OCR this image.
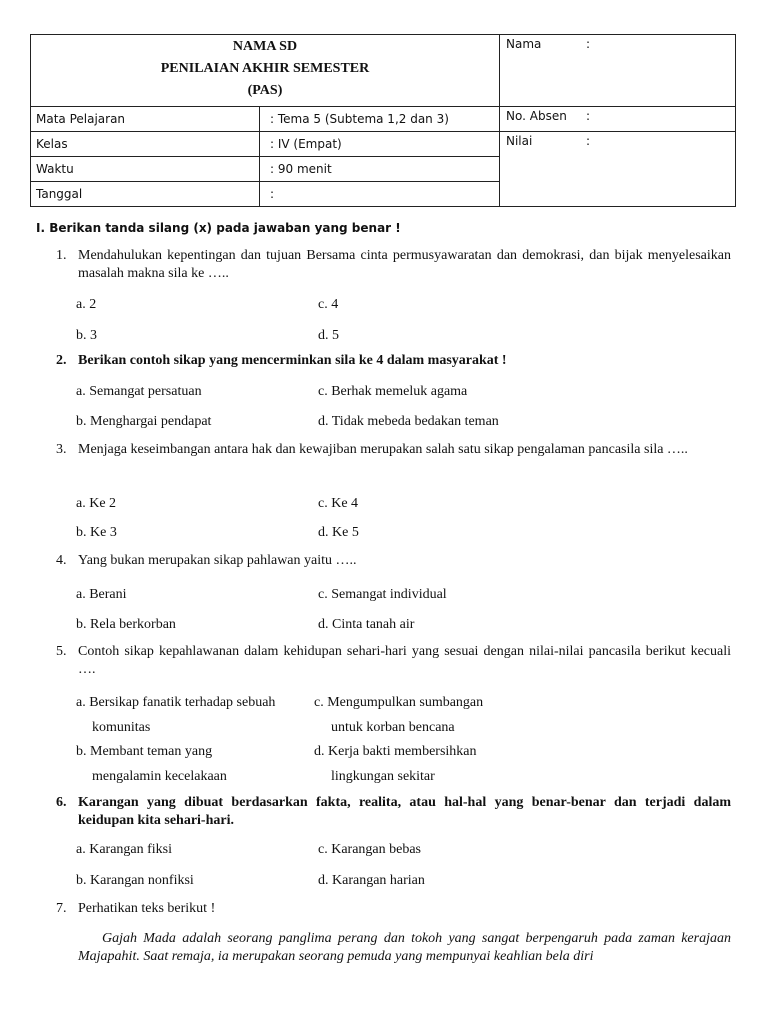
NAMA SD
PENILAIAN AKHIR SEMESTER
(PAS)		Nama :
Mata Pelajaran	: Tema 5 (Subtema 1,2 dan 3)	No. Absen :
Kelas	: IV (Empat)	Nilai :
Waktu	: 90 menit	
Tanggal	:	
I. Berikan tanda silang (x) pada jawaban yang benar !
1. Mendahulukan kepentingan dan tujuan Bersama cinta permusyawaratan dan demokrasi, dan bijak menyelesaikan masalah makna sila ke …..
a. 2
b. 3
c. 4
d. 5
2. Berikan contoh sikap yang mencerminkan sila ke 4 dalam masyarakat !
a. Semangat persatuan
b. Menghargai pendapat
c. Berhak memeluk agama
d. Tidak mebeda bedakan teman
3. Menjaga keseimbangan antara hak dan kewajiban merupakan salah satu sikap pengalaman pancasila sila …..
a. Ke 2
b. Ke 3
c. Ke 4
d. Ke 5
4. Yang bukan merupakan sikap pahlawan yaitu …..
a. Berani
b. Rela berkorban
c. Semangat individual
d. Cinta tanah air
5. Contoh sikap kepahlawanan dalam kehidupan sehari-hari yang sesuai dengan nilai-nilai pancasila berikut kecuali ….
a. Bersikap fanatik terhadap sebuah
komunitas
c. Mengumpulkan sumbangan
untuk korban bencana
b. Membant teman yang
mengalamin kecelakaan
d. Kerja bakti membersihkan
lingkungan sekitar
6. Karangan yang dibuat berdasarkan fakta, realita, atau hal-hal yang benar-benar dan terjadi dalam keidupan kita sehari-hari.
a. Karangan fiksi
b. Karangan nonfiksi
c. Karangan bebas
d. Karangan harian
7. Perhatikan teks berikut !
Gajah Mada adalah seorang panglima perang dan tokoh yang sangat berpengaruh pada zaman kerajaan Majapahit. Saat remaja, ia merupakan seorang pemuda yang mempunyai keahlian bela diri
